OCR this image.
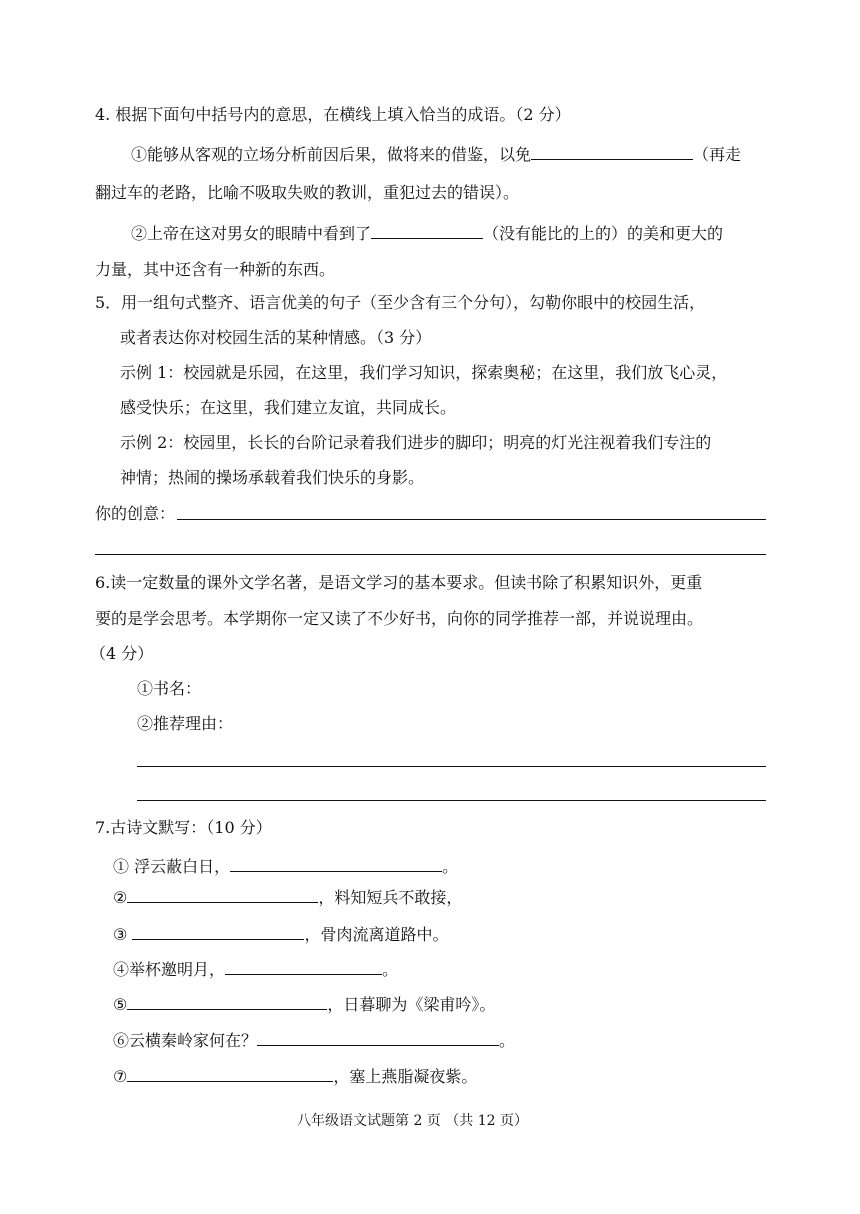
4. 根据下面句中括号内的意思，在横线上填入恰当的成语。（2 分）
①能够从客观的立场分析前因后果，做将来的借鉴，以免	（再走
翻过车的老路，比喻不吸取失败的教训，重犯过去的错误）。
②上帝在这对男女的眼睛中看到了	（没有能比的上的）的美和更大的
力量，其中还含有一种新的东西。
5．用一组句式整齐、语言优美的句子（至少含有三个分句），勾勒你眼中的校园生活，
或者表达你对校园生活的某种情感。（3 分）
示例 1：校园就是乐园，在这里，我们学习知识，探索奥秘；在这里，我们放飞心灵，
感受快乐；在这里，我们建立友谊，共同成长。
示例 2：校园里，长长的台阶记录着我们进步的脚印；明亮的灯光注视着我们专注的
神情；热闹的操场承载着我们快乐的身影。
你的创意：
6.读一定数量的课外文学名著，是语文学习的基本要求。但读书除了积累知识外，更重
要的是学会思考。本学期你一定又读了不少好书，向你的同学推荐一部，并说说理由。
（4 分）
①书名：
②推荐理由：
7.古诗文默写：（10 分）
① 浮云蔽白日，	。
②	，料知短兵不敢接，
③	，骨肉流离道路中。
④举杯邀明月，	。
⑤	，日暮聊为《梁甫吟》。
⑥云横秦岭家何在？	。
⑦	，塞上燕脂凝夜紫。
八年级语文试题第 2 页 （共 12 页）
